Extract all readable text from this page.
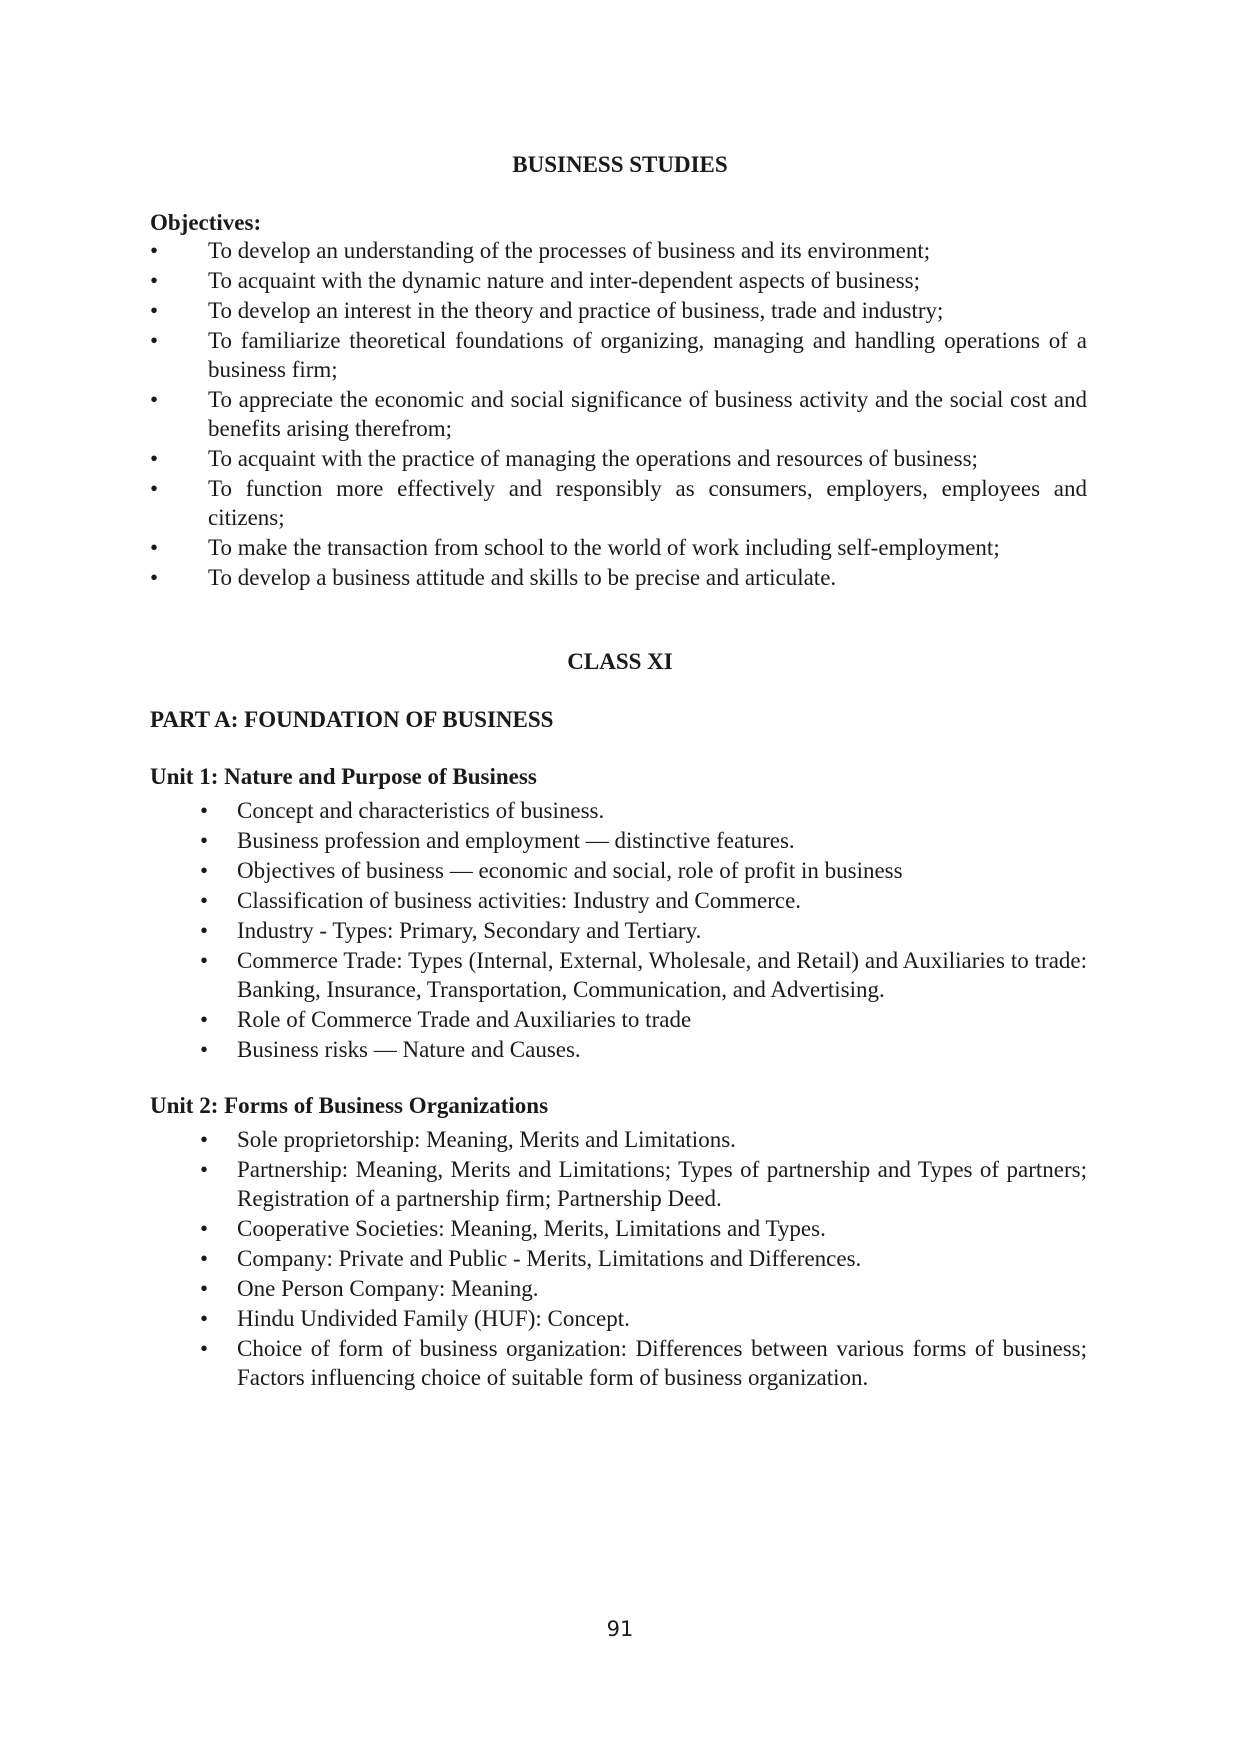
BUSINESS STUDIES
Objectives:
• To develop an understanding of the processes of business and its environment;
• To acquaint with the dynamic nature and inter-dependent aspects of business;
• To develop an interest in the theory and practice of business, trade and industry;
• To familiarize theoretical foundations of organizing, managing and handling operations of a business firm;
• To appreciate the economic and social significance of business activity and the social cost and benefits arising therefrom;
• To acquaint with the practice of managing the operations and resources of business;
• To function more effectively and responsibly as consumers, employers, employees and citizens;
• To make the transaction from school to the world of work including self-employment;
• To develop a business attitude and skills to be precise and articulate.
CLASS XI
PART A: FOUNDATION OF BUSINESS
Unit 1: Nature and Purpose of Business
• Concept and characteristics of business.
• Business profession and employment — distinctive features.
• Objectives of business — economic and social, role of profit in business
• Classification of business activities: Industry and Commerce.
• Industry - Types: Primary, Secondary and Tertiary.
• Commerce Trade: Types (Internal, External, Wholesale, and Retail) and Auxiliaries to trade: Banking, Insurance, Transportation, Communication, and Advertising.
• Role of Commerce Trade and Auxiliaries to trade
• Business risks — Nature and Causes.
Unit 2: Forms of Business Organizations
• Sole proprietorship: Meaning, Merits and Limitations.
• Partnership: Meaning, Merits and Limitations; Types of partnership and Types of partners; Registration of a partnership firm; Partnership Deed.
• Cooperative Societies: Meaning, Merits, Limitations and Types.
• Company: Private and Public - Merits, Limitations and Differences.
• One Person Company: Meaning.
• Hindu Undivided Family (HUF): Concept.
• Choice of form of business organization: Differences between various forms of business; Factors influencing choice of suitable form of business organization.
91
